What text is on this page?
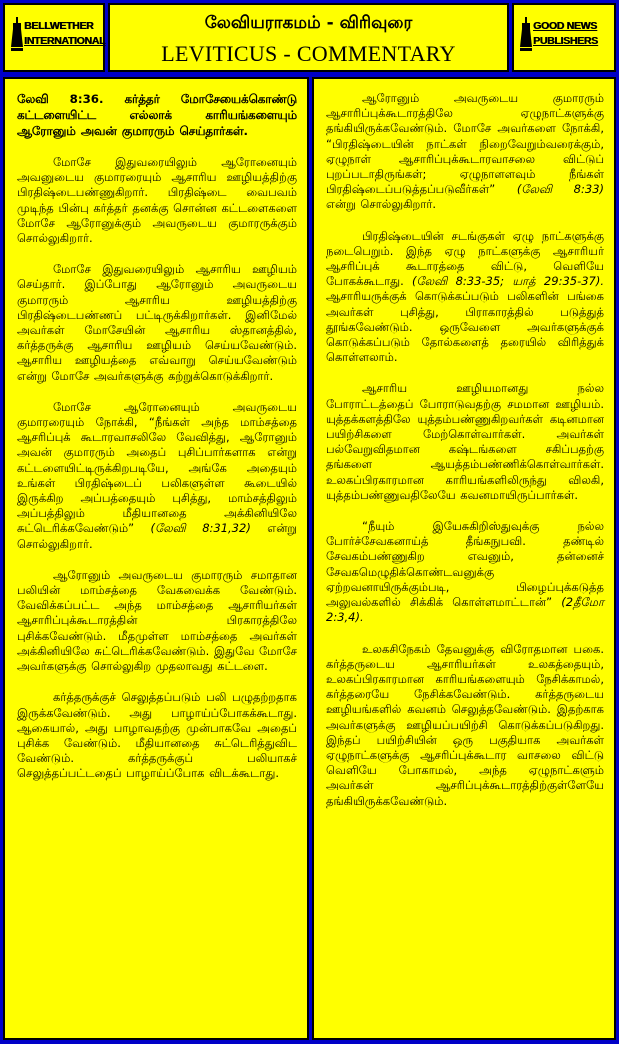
BELLWETHER
INTERNATIONAL
லேவியராகமம் - விரிவுரை
LEVITICUS - COMMENTARY
GOOD NEWS
PUBLISHERS

லேவி 8:36. கர்த்தர் மோசேயைக்கொண்டு கட்டளையிட்ட எல்லாக் காரியங்களையும் ஆரோனும் அவன் குமாரரும் செய்தார்கள்.

மோசே இதுவரையிலும் ஆரோனையும் அவனுடைய குமாரரையும் ஆசாரிய ஊழியத்திற்கு பிரதிஷ்டைபண்ணுகிறார். பிரதிஷ்டை வைபவம் முடிந்த பின்பு கர்த்தர் தனக்கு சொன்ன கட்டளைகளை மோசே ஆரோனுக்கும் அவருடைய குமாரருக்கும் சொல்லுகிறார்.

மோசே இதுவரையிலும் ஆசாரிய ஊழியம் செய்தார். இப்போது ஆரோனும் அவருடைய குமாரரும் ஆசாரிய ஊழியத்திற்கு பிரதிஷ்டைபண்ணப் பட்டிருக்கிறார்கள். இனிமேல் அவர்கள் மோசேயின் ஆசாரிய ஸ்தானத்தில், கர்த்தருக்கு ஆசாரிய ஊழியம் செய்யவேண்டும். ஆசாரிய ஊழியத்தை எவ்வாறு செய்யவேண்டும் என்று மோசே அவர்களுக்கு கற்றுக்கொடுக்கிறார்.

மோசே ஆரோனையும் அவருடைய குமாரரையும் நோக்கி, “நீங்கள் அந்த மாம்சத்தை ஆசரிப்புக் கூடாரவாசலிலே வேவித்து, ஆரோனும் அவன் குமாரரும் அதைப் புசிப்பார்களாக என்று கட்டளையிட்டிருக்கிறபடியே, அங்கே அதையும் உங்கள் பிரதிஷ்டைப் பலிகளுள்ள கூடையில் இருக்கிற அப்பத்தையும் புசித்து, மாம்சத்திலும் அப்பத்திலும் மீதியானதை அக்கினியிலே சுட்டெரிக்கவேண்டும்” (லேவி 8:31,32) என்று சொல்லுகிறார்.

ஆரோனும் அவருடைய குமாரரும் சமாதான பலியின் மாம்சத்தை வேகவைக்க வேண்டும். வேவிக்கப்பட்ட அந்த மாம்சத்தை ஆசாரியர்கள் ஆசாரிப்புக்கூடாரத்தின் பிரகாரத்திலே புசிக்கவேண்டும். மீதமுள்ள மாம்சத்தை அவர்கள் அக்கினியிலே சுட்டெரிக்கவேண்டும். இதுவே மோசே அவர்களுக்கு சொல்லுகிற முதலாவது கட்டளை.

கர்த்தருக்குச் செலுத்தப்படும் பலி பழுதற்றதாக இருக்கவேண்டும். அது பாழாய்ப்போகக்கூடாது. ஆகையால், அது பாழாவதற்கு முன்பாகவே அதைப் புசிக்க வேண்டும். மீதியானதை சுட்டெரித்துவிட வேண்டும். கர்த்தருக்குப் பலியாகச் செலுத்தப்பட்டதைப் பாழாய்ப்போக விடக்கூடாது.

ஆரோனும் அவருடைய குமாரரும் ஆசாரிப்புக்கூடாரத்திலே ஏழுநாட்களுக்கு தங்கியிருக்கவேண்டும். மோசே அவர்களை நோக்கி, “பிரதிஷ்டையின் நாட்கள் நிறைவேறும்வரைக்கும், ஏழுநாள் ஆசாரிப்புக்கூடாரவாசலை விட்டுப் புறப்படாதிருங்கள்; ஏழுநாளளவும் நீங்கள் பிரதிஷ்டைப்படுத்தப்படுவீர்கள்” (லேவி 8:33) என்று சொல்லுகிறார்.

பிரதிஷ்டையின் சடங்குகள் ஏழு நாட்களுக்கு நடைபெறும். இந்த ஏழு நாட்களுக்கு ஆசாரியர் ஆசரிப்புக் கூடாரத்தை விட்டு, வெளியே போகக்கூடாது. (லேவி 8:33-35; யாத் 29:35-37). ஆசாரியருக்குக் கொடுக்கப்படும் பலிகளின் பங்கை அவர்கள் புசித்து, பிராகாரத்தில் படுத்துத் தூங்கவேண்டும். ஒருவேளை அவர்களுக்குக் கொடுக்கப்படும் தோல்களைத் தரையில் விரித்துக் கொள்ளலாம்.

ஆசாரிய ஊழியமானது நல்ல போராட்டத்தைப் போராடுவதற்கு சமமான ஊழியம். யுத்தக்களத்திலே யுத்தம்பண்ணுகிறவர்கள் கடினமான பயிற்சிகளை மேற்கொள்வார்கள். அவர்கள் பல்வேறுவிதமான கஷ்டங்களை சகிப்பதற்கு தங்களை ஆயத்தம்பண்ணிக்கொள்வார்கள். உலகப்பிரகாரமான காரியங்களிலிருந்து விலகி, யுத்தம்பண்ணுவதிலேயே கவனமாயிருப்பார்கள்.

“நீயும் இயேசுகிறிஸ்துவுக்கு நல்ல போர்ச்சேவகனாய்த் தீங்கநுபவி. தண்டில் சேவகம்பண்ணுகிற எவனும், தன்னைச் சேவகமெழுதிக்கொண்டவனுக்கு ஏற்றவனாயிருக்கும்படி, பிழைப்புக்கடுத்த அலுவல்களில் சிக்கிக் கொள்ளமாட்டான்” (2தீமோ 2:3,4).

உலகசிநேகம் தேவனுக்கு விரோதமான பகை. கர்த்தருடைய ஆசாரியர்கள் உலகத்தையும், உலகப்பிரகாரமான காரியங்களையும் நேசிக்காமல், கர்த்தரையே நேசிக்கவேண்டும். கர்த்தருடைய ஊழியங்களில் கவனம் செலுத்தவேண்டும். இதற்காக அவர்களுக்கு ஊழியப்பயிற்சி கொடுக்கப்படுகிறது. இந்தப் பயிற்சியின் ஒரு பகுதியாக அவர்கள் ஏழுநாட்களுக்கு ஆசரிப்புக்கூடார வாசலை விட்டு வெளியே போகாமல், அந்த ஏழுநாட்களும் அவர்கள் ஆசரிப்புக்கூடாரத்திற்குள்ளேயே தங்கியிருக்கவேண்டும்.
